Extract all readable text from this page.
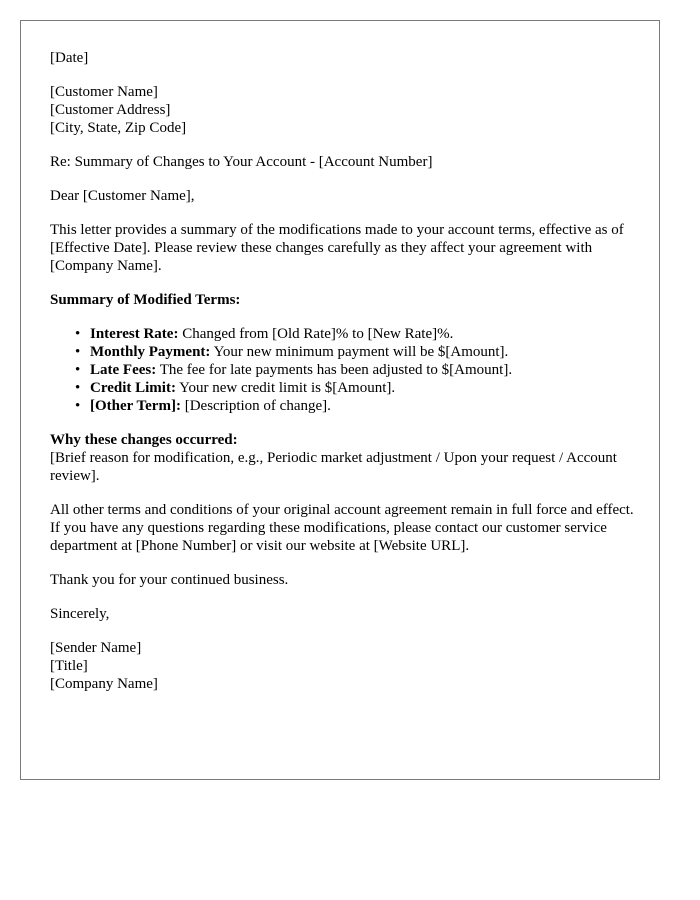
[Date]

[Customer Name]
[Customer Address]
[City, State, Zip Code]

Re: Summary of Changes to Your Account - [Account Number]

Dear [Customer Name],

This letter provides a summary of the modifications made to your account terms, effective as of [Effective Date]. Please review these changes carefully as they affect your agreement with [Company Name].

Summary of Modified Terms:

• Interest Rate: Changed from [Old Rate]% to [New Rate]%.
• Monthly Payment: Your new minimum payment will be $[Amount].
• Late Fees: The fee for late payments has been adjusted to $[Amount].
• Credit Limit: Your new credit limit is $[Amount].
• [Other Term]: [Description of change].
Why these changes occurred:
[Brief reason for modification, e.g., Periodic market adjustment / Upon your request / Account review].

All other terms and conditions of your original account agreement remain in full force and effect. If you have any questions regarding these modifications, please contact our customer service department at [Phone Number] or visit our website at [Website URL].

Thank you for your continued business.

Sincerely,

[Sender Name]
[Title]
[Company Name]
